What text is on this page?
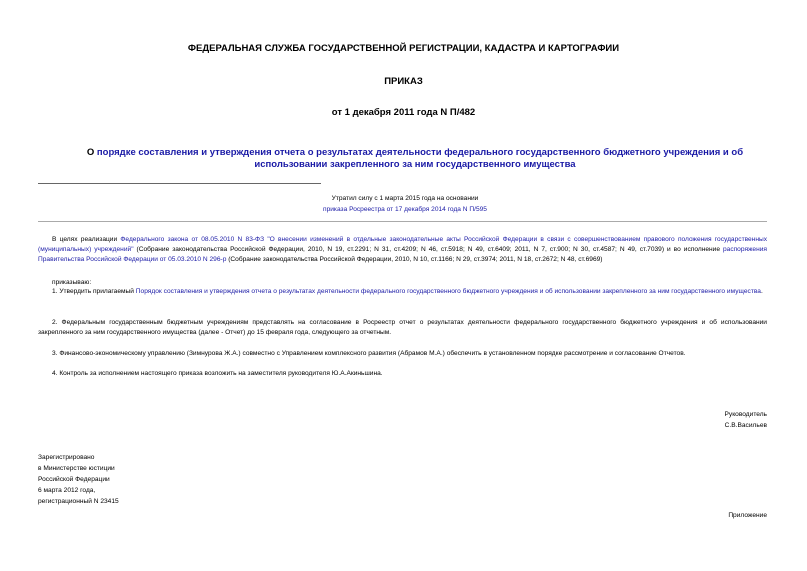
ФЕДЕРАЛЬНАЯ СЛУЖБА ГОСУДАРСТВЕННОЙ РЕГИСТРАЦИИ, КАДАСТРА И КАРТОГРАФИИ
ПРИКАЗ
от 1 декабря 2011 года N П/482
О порядке составления и утверждения отчета о результатах деятельности федерального государственного бюджетного учреждения и об использовании закрепленного за ним государственного имущества
Утратил силу с 1 марта 2015 года на основании
приказа Росреестра от 17 декабря 2014 года N П/595
В целях реализации Федерального закона от 08.05.2010 N 83-ФЗ "О внесении изменений в отдельные законодательные акты Российской Федерации в связи с совершенствованием правового положения государственных (муниципальных) учреждений" (Собрание законодательства Российской Федерации, 2010, N 19, ст.2291; N 31, ст.4209; N 46, ст.5918; N 49, ст.6409; 2011, N 7, ст.900; N 30, ст.4587; N 49, ст.7039) и во исполнение распоряжения Правительства Российской Федерации от 05.03.2010 N 296-р (Собрание законодательства Российской Федерации, 2010, N 10, ст.1166; N 29, ст.3974; 2011, N 18, ст.2672; N 48, ст.6969)
приказываю:
1. Утвердить прилагаемый Порядок составления и утверждения отчета о результатах деятельности федерального государственного бюджетного учреждения и об использовании закрепленного за ним государственного имущества.
2. Федеральным государственным бюджетным учреждениям представлять на согласование в Росреестр отчет о результатах деятельности федерального государственного бюджетного учреждения и об использовании закрепленного за ним государственного имущества (далее - Отчет) до 15 февраля года, следующего за отчетным.
3. Финансово-экономическому управлению (Зимнурова Ж.А.) совместно с Управлением комплексного развития (Абрамов М.А.) обеспечить в установленном порядке рассмотрение и согласование Отчетов.
4. Контроль за исполнением настоящего приказа возложить на заместителя руководителя Ю.А.Акиньшина.
Руководитель
С.В.Васильев
Зарегистрировано
в Министерстве юстиции
Российской Федерации
6 марта 2012 года,
регистрационный N 23415
Приложение
